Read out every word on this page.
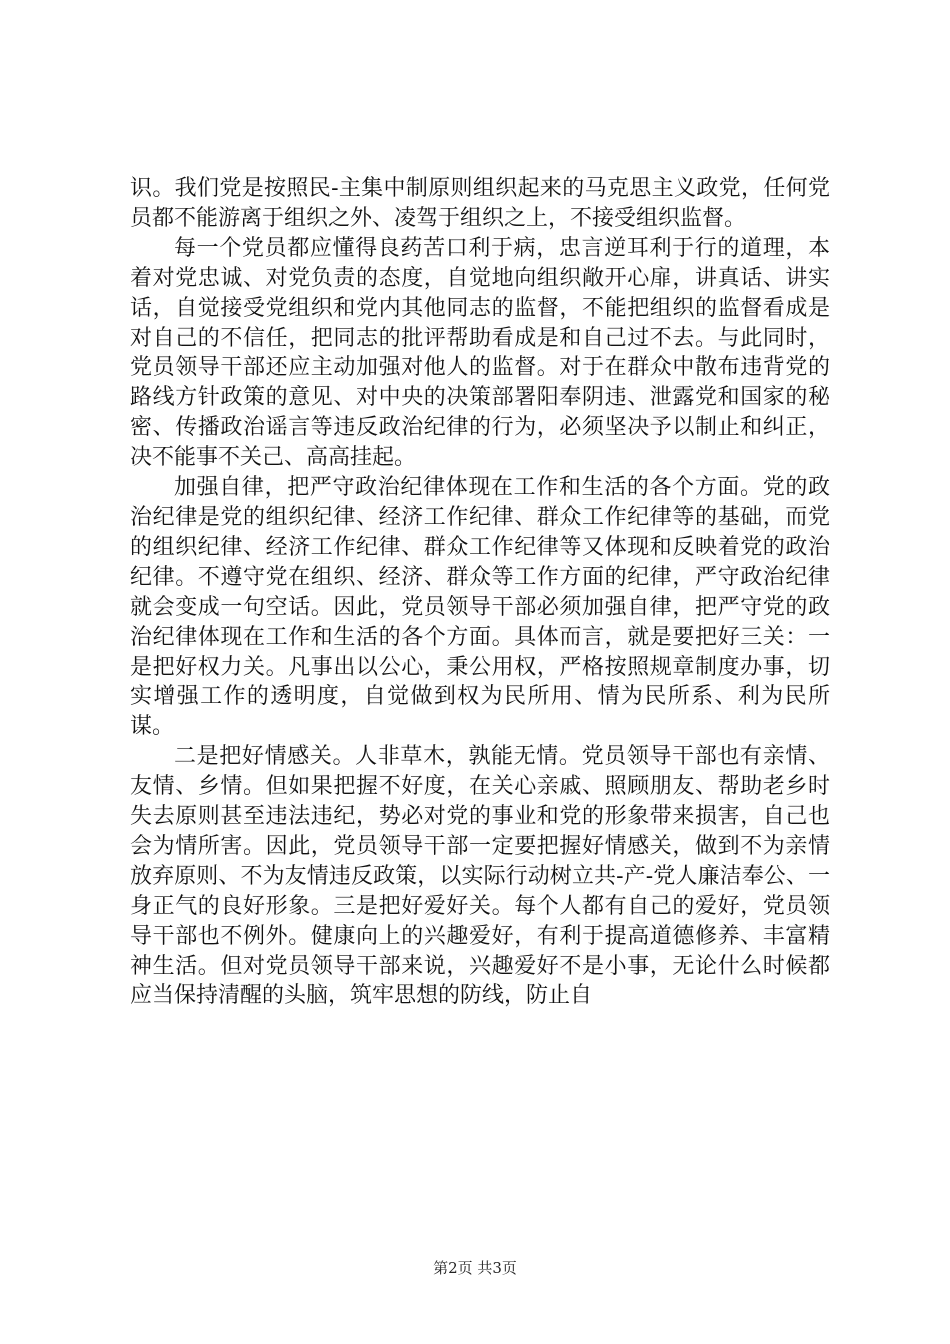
识。我们党是按照民-主集中制原则组织起来的马克思主义政党，任何党员都不能游离于组织之外、凌驾于组织之上，不接受组织监督。

每一个党员都应懂得良药苦口利于病，忠言逆耳利于行的道理，本着对党忠诚、对党负责的态度，自觉地向组织敞开心扉，讲真话、讲实话，自觉接受党组织和党内其他同志的监督，不能把组织的监督看成是对自己的不信任，把同志的批评帮助看成是和自己过不去。与此同时，党员领导干部还应主动加强对他人的监督。对于在群众中散布违背党的路线方针政策的意见、对中央的决策部署阳奉阴违、泄露党和国家的秘密、传播政治谣言等违反政治纪律的行为，必须坚决予以制止和纠正，决不能事不关己、高高挂起。

加强自律，把严守政治纪律体现在工作和生活的各个方面。党的政治纪律是党的组织纪律、经济工作纪律、群众工作纪律等的基础，而党的组织纪律、经济工作纪律、群众工作纪律等又体现和反映着党的政治纪律。不遵守党在组织、经济、群众等工作方面的纪律，严守政治纪律就会变成一句空话。因此，党员领导干部必须加强自律，把严守党的政治纪律体现在工作和生活的各个方面。具体而言，就是要把好三关：一是把好权力关。凡事出以公心，秉公用权，严格按照规章制度办事，切实增强工作的透明度，自觉做到权为民所用、情为民所系、利为民所谋。

二是把好情感关。人非草木，孰能无情。党员领导干部也有亲情、友情、乡情。但如果把握不好度，在关心亲戚、照顾朋友、帮助老乡时失去原则甚至违法违纪，势必对党的事业和党的形象带来损害，自己也会为情所害。因此，党员领导干部一定要把握好情感关，做到不为亲情放弃原则、不为友情违反政策，以实际行动树立共-产-党人廉洁奉公、一身正气的良好形象。三是把好爱好关。每个人都有自己的爱好，党员领导干部也不例外。健康向上的兴趣爱好，有利于提高道德修养、丰富精神生活。但对党员领导干部来说，兴趣爱好不是小事，无论什么时候都应当保持清醒的头脑，筑牢思想的防线，防止自

第2页 共3页
